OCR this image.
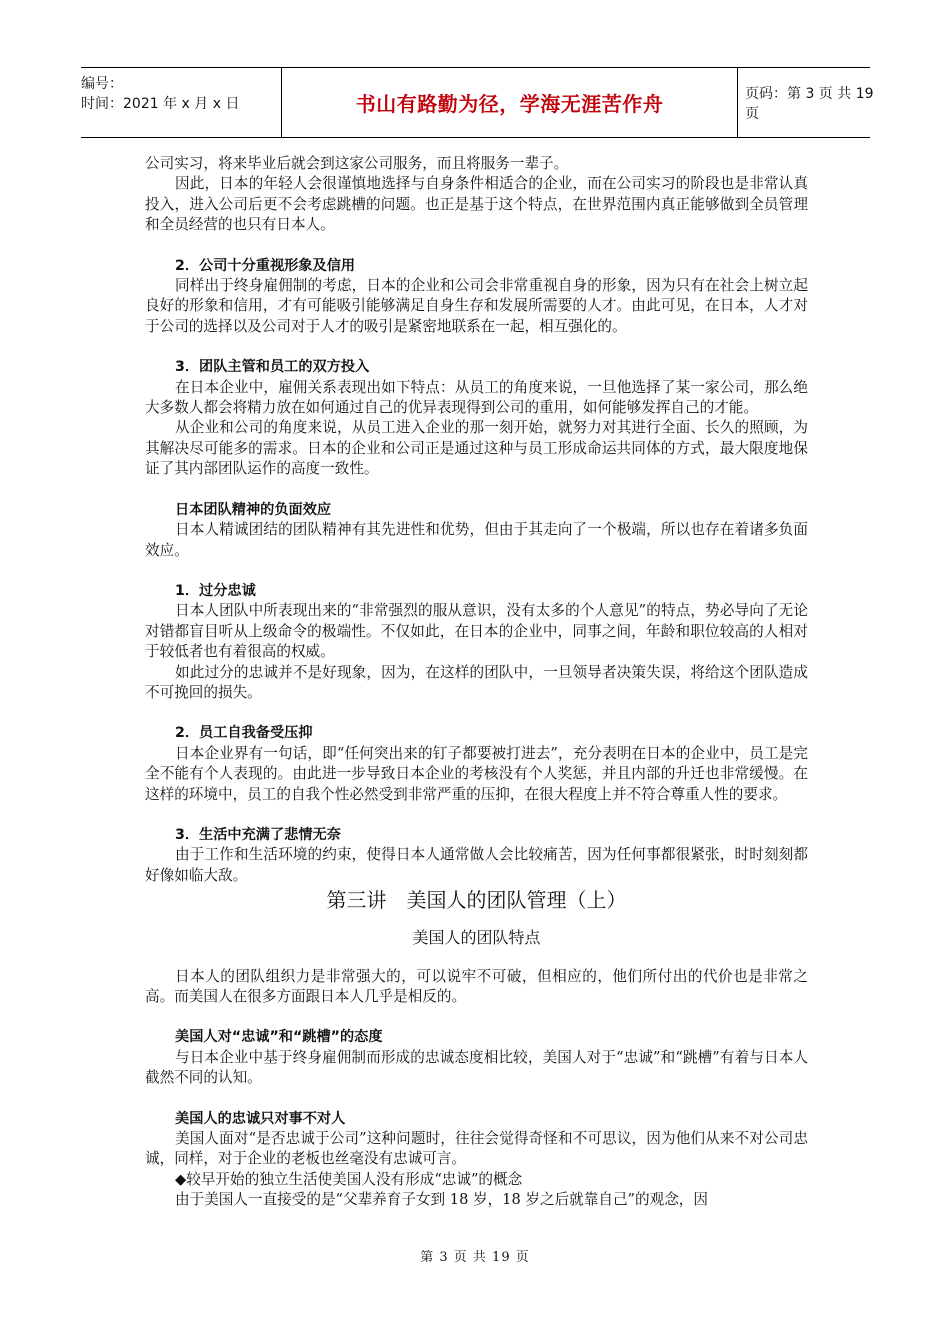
编号：
时间：2021 年 x 月 x 日	书山有路勤为径，学海无涯苦作舟	页码：第 3 页 共 19 页

公司实习，将来毕业后就会到这家公司服务，而且将服务一辈子。

因此，日本的年轻人会很谨慎地选择与自身条件相适合的企业，而在公司实习的阶段也是非常认真投入，进入公司后更不会考虑跳槽的问题。也正是基于这个特点，在世界范围内真正能够做到全员管理和全员经营的也只有日本人。

2．公司十分重视形象及信用

同样出于终身雇佣制的考虑，日本的企业和公司会非常重视自身的形象，因为只有在社会上树立起良好的形象和信用，才有可能吸引能够满足自身生存和发展所需要的人才。由此可见，在日本，人才对于公司的选择以及公司对于人才的吸引是紧密地联系在一起，相互强化的。

3．团队主管和员工的双方投入

在日本企业中，雇佣关系表现出如下特点：从员工的角度来说，一旦他选择了某一家公司，那么绝大多数人都会将精力放在如何通过自己的优异表现得到公司的重用，如何能够发挥自己的才能。

从企业和公司的角度来说，从员工进入企业的那一刻开始，就努力对其进行全面、长久的照顾，为其解决尽可能多的需求。日本的企业和公司正是通过这种与员工形成命运共同体的方式，最大限度地保证了其内部团队运作的高度一致性。

日本团队精神的负面效应

日本人精诚团结的团队精神有其先进性和优势，但由于其走向了一个极端，所以也存在着诸多负面效应。

1．过分忠诚

日本人团队中所表现出来的“非常强烈的服从意识，没有太多的个人意见”的特点，势必导向了无论对错都盲目听从上级命令的极端性。不仅如此，在日本的企业中，同事之间，年龄和职位较高的人相对于较低者也有着很高的权威。

如此过分的忠诚并不是好现象，因为，在这样的团队中，一旦领导者决策失误，将给这个团队造成不可挽回的损失。

2．员工自我备受压抑

日本企业界有一句话，即“任何突出来的钉子都要被打进去”，充分表明在日本的企业中，员工是完全不能有个人表现的。由此进一步导致日本企业的考核没有个人奖惩，并且内部的升迁也非常缓慢。在这样的环境中，员工的自我个性必然受到非常严重的压抑，在很大程度上并不符合尊重人性的要求。

3．生活中充满了悲情无奈

由于工作和生活环境的约束，使得日本人通常做人会比较痛苦，因为任何事都很紧张，时时刻刻都好像如临大敌。

第三讲　美国人的团队管理（上）

美国人的团队特点

日本人的团队组织力是非常强大的，可以说牢不可破，但相应的，他们所付出的代价也是非常之高。而美国人在很多方面跟日本人几乎是相反的。

美国人对“忠诚”和“跳槽”的态度

与日本企业中基于终身雇佣制而形成的忠诚态度相比较，美国人对于“忠诚”和“跳槽”有着与日本人截然不同的认知。

美国人的忠诚只对事不对人

美国人面对“是否忠诚于公司”这种问题时，往往会觉得奇怪和不可思议，因为他们从来不对公司忠诚，同样，对于企业的老板也丝毫没有忠诚可言。

◆较早开始的独立生活使美国人没有形成“忠诚”的概念

由于美国人一直接受的是“父辈养育子女到 18 岁，18 岁之后就靠自己”的观念，因

第 3 页 共 19 页
